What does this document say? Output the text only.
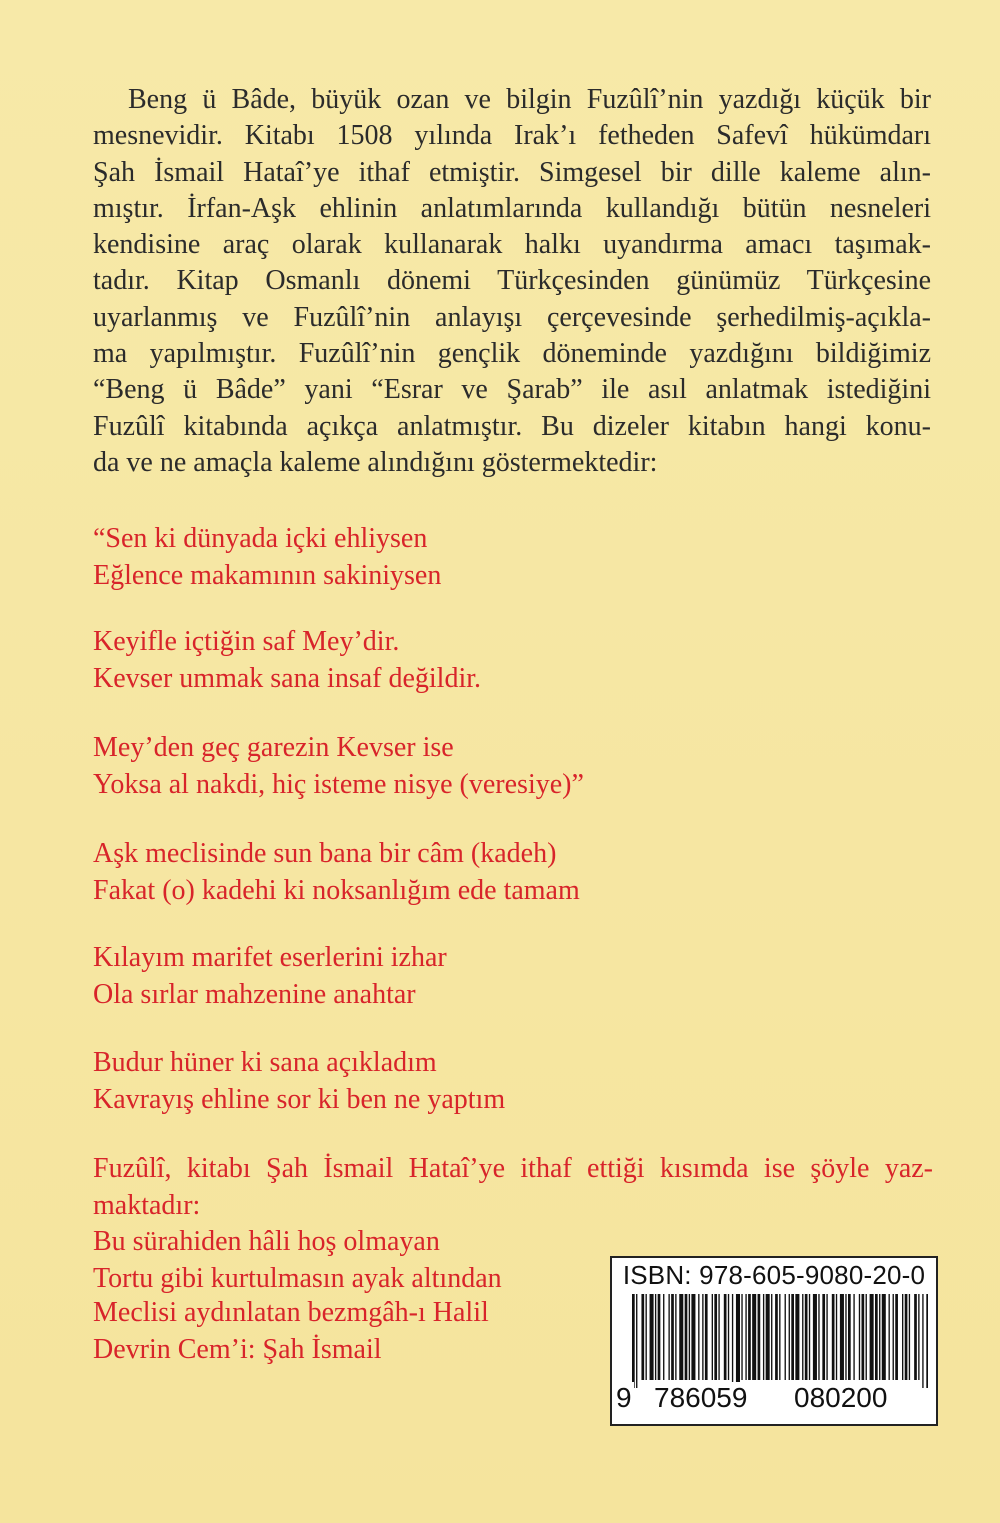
Beng ü Bâde, büyük ozan ve bilgin Fuzûlî’nin yazdığı küçük bir
mesnevidir. Kitabı 1508 yılında Irak’ı fetheden Safevî hükümdarı
Şah İsmail Hataî’ye ithaf etmiştir. Simgesel bir dille kaleme alın-
mıştır. İrfan-Aşk ehlinin anlatımlarında kullandığı bütün nesneleri
kendisine araç olarak kullanarak halkı uyandırma amacı taşımak-
tadır. Kitap Osmanlı dönemi Türkçesinden günümüz Türkçesine
uyarlanmış ve Fuzûlî’nin anlayışı çerçevesinde şerhedilmiş-açıkla-
ma yapılmıştır. Fuzûlî’nin gençlik döneminde yazdığını bildiğimiz
“Beng ü Bâde” yani “Esrar ve Şarab” ile asıl anlatmak istediğini
Fuzûlî kitabında açıkça anlatmıştır. Bu dizeler kitabın hangi konu-
da ve ne amaçla kaleme alındığını göstermektedir:
“Sen ki dünyada içki ehliysen
Eğlence makamının sakiniysen
Keyifle içtiğin saf Mey’dir.
Kevser ummak sana insaf değildir.
Mey’den geç garezin Kevser ise
Yoksa al nakdi, hiç isteme nisye (veresiye)”
Aşk meclisinde sun bana bir câm (kadeh)
Fakat (o) kadehi ki noksanlığım ede tamam
Kılayım marifet eserlerini izhar
Ola sırlar mahzenine anahtar
Budur hüner ki sana açıkladım
Kavrayış ehline sor ki ben ne yaptım
Fuzûlî, kitabı Şah İsmail Hataî’ye ithaf ettiği kısımda ise şöyle yaz-
maktadır:
Bu sürahiden hâli hoş olmayan
Tortu gibi kurtulmasın ayak altından
Meclisi aydınlatan bezmgâh-ı Halil
Devrin Cem’i: Şah İsmail
ISBN: 978-605-9080-20-0
9 786059 080200
